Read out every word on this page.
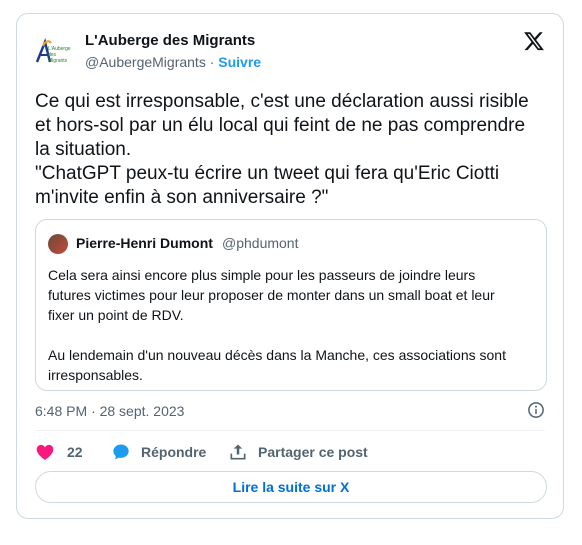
L'Auberge des Migrants
L'Auberge des Migrants
@AubergeMigrants · Suivre
Ce qui est irresponsable, c'est une déclaration aussi risible
et hors-sol par un élu local qui feint de ne pas comprendre
la situation.
"ChatGPT peux-tu écrire un tweet qui fera qu'Eric Ciotti
m'invite enfin à son anniversaire ?"
Pierre-Henri Dumont @phdumont
Cela sera ainsi encore plus simple pour les passeurs de joindre leurs
futures victimes pour leur proposer de monter dans un small boat et leur
fixer un point de RDV.

Au lendemain d'un nouveau décès dans la Manche, ces associations sont
irresponsables.
6:48 PM · 28 sept. 2023
22	Répondre	Partager ce post
Lire la suite sur X
